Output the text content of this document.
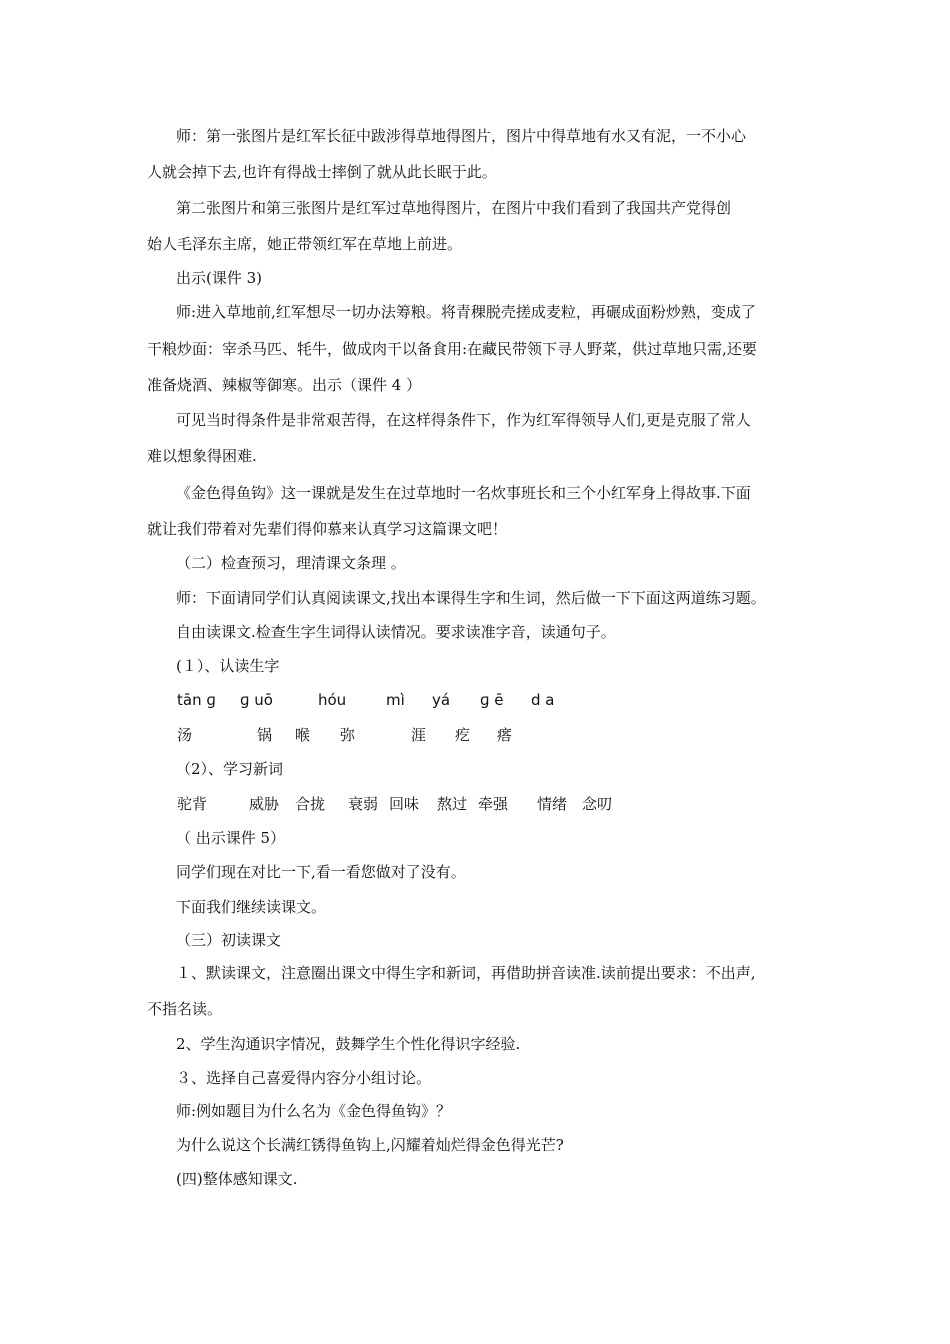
师：第一张图片是红军长征中跋涉得草地得图片，图片中得草地有水又有泥，一不小心
人就会掉下去,也许有得战士摔倒了就从此长眠于此。
第二张图片和第三张图片是红军过草地得图片，在图片中我们看到了我国共产党得创
始人毛泽东主席，她正带领红军在草地上前进。
出示(课件 3)
师:进入草地前,红军想尽一切办法筹粮。将青稞脱壳搓成麦粒，再碾成面粉炒熟，变成了
干粮炒面：宰杀马匹、牦牛，做成肉干以备食用:在藏民带领下寻人野菜，供过草地只需,还要
准备烧酒、辣椒等御寒。出示（课件 4 ）
可见当时得条件是非常艰苦得，在这样得条件下，作为红军得领导人们,更是克服了常人
难以想象得困难.
《金色得鱼钩》这一课就是发生在过草地时一名炊事班长和三个小红军身上得故事.下面
就让我们带着对先辈们得仰慕来认真学习这篇课文吧！
（二）检查预习，理清课文条理 。
师：下面请同学们认真阅读课文,找出本课得生字和生词，然后做一下下面这两道练习题。
自由读课文.检查生字生词得认读情况。要求读准字音，读通句子。
(１）、认读生字
tān ɡ ɡ uō	hóu	mì yá ɡ ē d a
汤	锅 喉 弥	涯 疙 瘩
（2）、学习新词
驼背	威胁 合拢 衰弱 回味 熬过 牵强 情绪 念叨
（ 出示课件 5）
同学们现在对比一下,看一看您做对了没有。
下面我们继续读课文。
（三）初读课文
１、默读课文，注意圈出课文中得生字和新词，再借助拼音读准.读前提出要求：不出声,
不指名读。
2、学生沟通识字情况，鼓舞学生个性化得识字经验.
３、选择自己喜爱得内容分小组讨论。
师:例如题目为什么名为《金色得鱼钩》？
为什么说这个长满红锈得鱼钩上,闪耀着灿烂得金色得光芒?
(四)整体感知课文.
